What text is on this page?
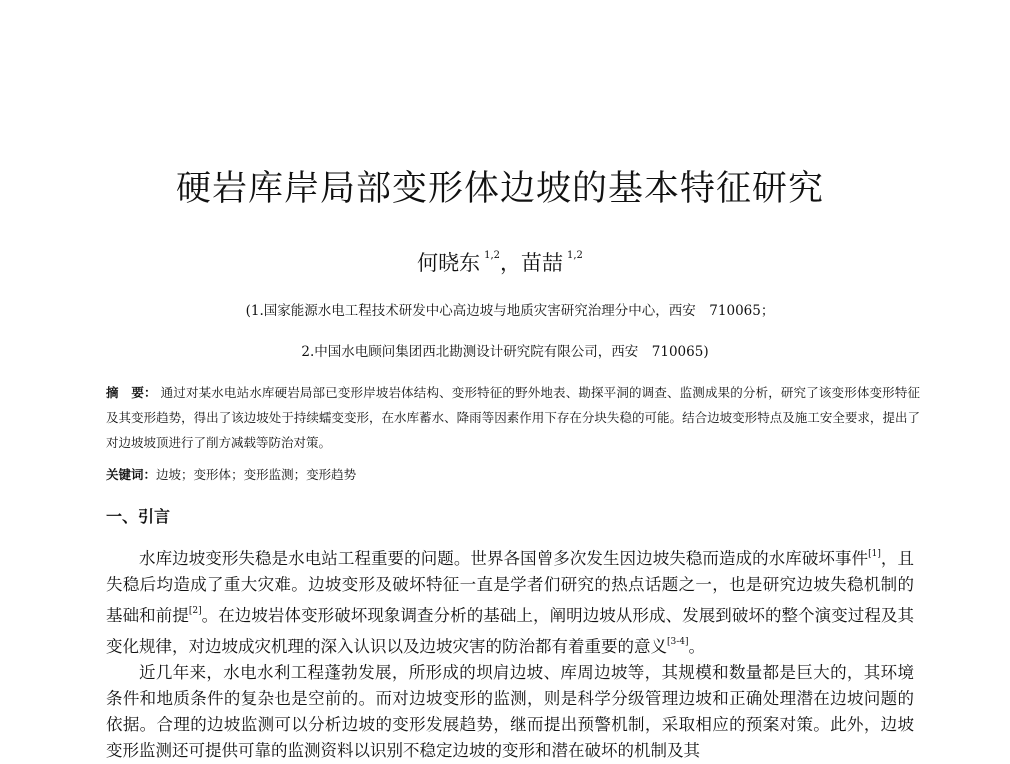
硬岩库岸局部变形体边坡的基本特征研究
何晓东 $^{1,2}$，苗喆 $^{1,2}$
(1.国家能源水电工程技术研发中心高边坡与地质灾害研究治理分中心，西安　710065；
2.中国水电顾问集团西北勘测设计研究院有限公司，西安　710065)
摘　要： 通过对某水电站水库硬岩局部已变形岸坡岩体结构、变形特征的野外地表、勘探平洞的调查、监测成果的分析，研究了该变形体变形特征及其变形趋势，得出了该边坡处于持续蠕变变形，在水库蓄水、降雨等因素作用下存在分块失稳的可能。结合边坡变形特点及施工安全要求，提出了对边坡坡顶进行了削方减载等防治对策。
关键词：边坡；变形体；变形监测；变形趋势
一、引言

水库边坡变形失稳是水电站工程重要的问题。世界各国曾多次发生因边坡失稳而造成的水库破坏事件[1]，且失稳后均造成了重大灾难。边坡变形及破坏特征一直是学者们研究的热点话题之一，也是研究边坡失稳机制的基础和前提[2]。在边坡岩体变形破坏现象调查分析的基础上，阐明边坡从形成、发展到破坏的整个演变过程及其变化规律，对边坡成灾机理的深入认识以及边坡灾害的防治都有着重要的意义[3-4]。

近几年来，水电水利工程蓬勃发展，所形成的坝肩边坡、库周边坡等，其规模和数量都是巨大的，其环境条件和地质条件的复杂也是空前的。而对边坡变形的监测，则是科学分级管理边坡和正确处理潜在边坡问题的依据。合理的边坡监测可以分析边坡的变形发展趋势，继而提出预警机制，采取相应的预案对策。此外，边坡变形监测还可提供可靠的监测资料以识别不稳定边坡的变形和潜在破坏的机制及其
